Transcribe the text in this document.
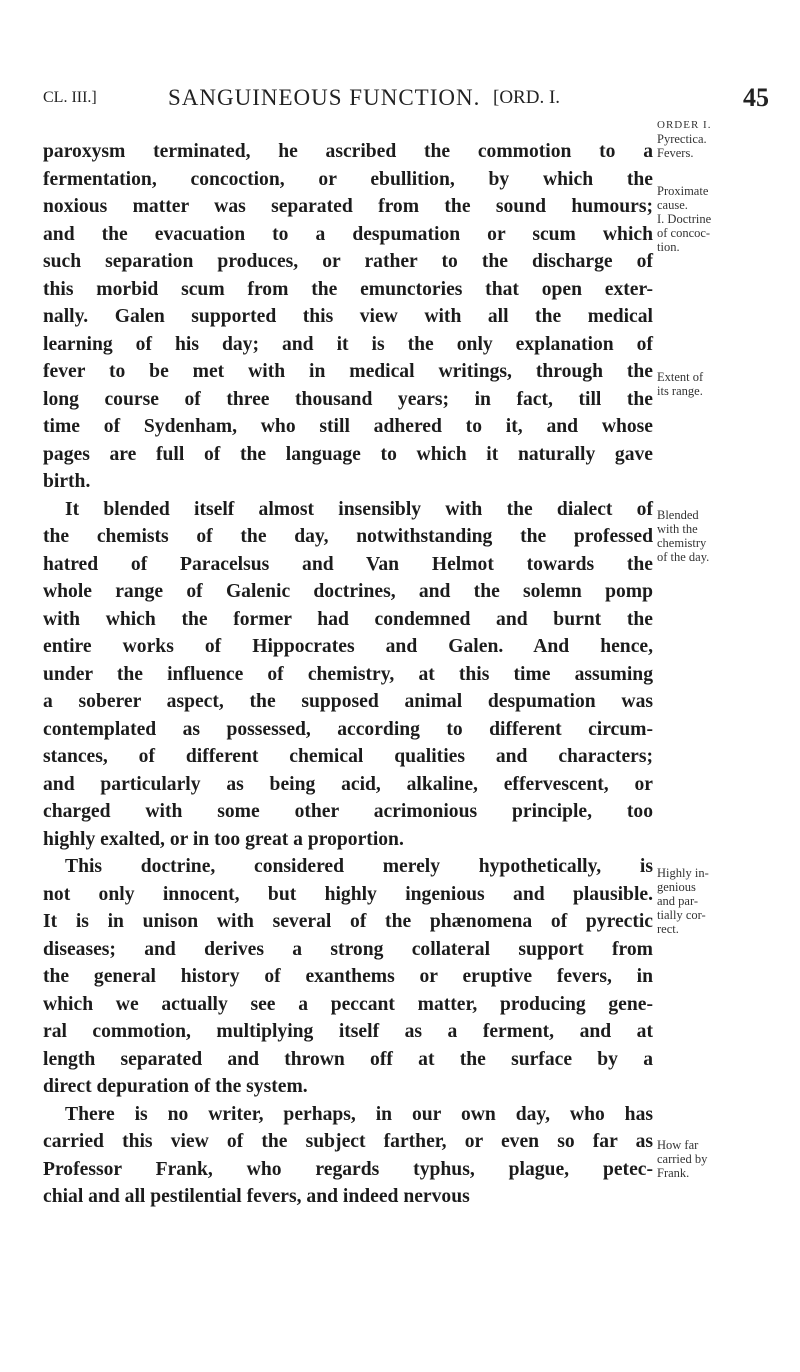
CL. III.]	SANGUINEOUS FUNCTION. [ORD. I.	45
paroxysm terminated, he ascribed the commotion to a
fermentation, concoction, or ebullition, by which the
noxious matter was separated from the sound humours;
and the evacuation to a despumation or scum which
such separation produces, or rather to the discharge of
this morbid scum from the emunctories that open exter-
nally. Galen supported this view with all the medical
learning of his day; and it is the only explanation of
fever to be met with in medical writings, through the
long course of three thousand years; in fact, till the
time of Sydenham, who still adhered to it, and whose
pages are full of the language to which it naturally gave
birth.
It blended itself almost insensibly with the dialect of
the chemists of the day, notwithstanding the professed
hatred of Paracelsus and Van Helmot towards the
whole range of Galenic doctrines, and the solemn pomp
with which the former had condemned and burnt the
entire works of Hippocrates and Galen. And hence,
under the influence of chemistry, at this time assuming
a soberer aspect, the supposed animal despumation was
contemplated as possessed, according to different circum-
stances, of different chemical qualities and characters;
and particularly as being acid, alkaline, effervescent, or
charged with some other acrimonious principle, too
highly exalted, or in too great a proportion.
This doctrine, considered merely hypothetically, is
not only innocent, but highly ingenious and plausible.
It is in unison with several of the phænomena of pyrectic
diseases; and derives a strong collateral support from
the general history of exanthems or eruptive fevers, in
which we actually see a peccant matter, producing gene-
ral commotion, multiplying itself as a ferment, and at
length separated and thrown off at the surface by a
direct depuration of the system.
There is no writer, perhaps, in our own day, who has
carried this view of the subject farther, or even so far as
Professor Frank, who regards typhus, plague, petec-
chial and all pestilential fevers, and indeed nervous
ORDER I.
Pyrectica.
Fevers.
Proximate
cause.
I. Doctrine
of concoc-
tion.
Extent of
its range.
Blended
with the
chemistry
of the day.
Highly in-
genious
and par-
tially cor-
rect.
How far
carried by
Frank.
